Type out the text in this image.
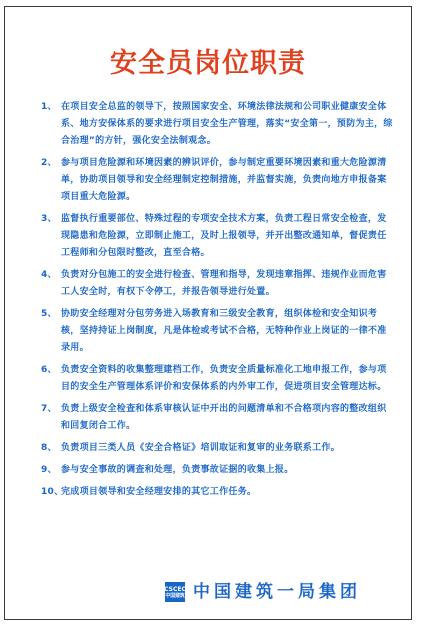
安全员岗位职责
1、 在项目安全总监的领导下，按照国家安全、环境法律法规和公司职业健康安全体系、地方安保体系的要求进行项目安全生产管理，落实“安全第一，预防为主，综合治理”的方针，强化安全法制观念。
2、 参与项目危险源和环境因素的辨识评价，参与制定重要环境因素和重大危险源清单，协助项目领导和安全经理制定控制措施，并监督实施，负责向地方申报备案项目重大危险源。
3、 监督执行重要部位、特殊过程的专项安全技术方案，负责工程日常安全检查，发现隐患和危险源，立即制止施工，及时上报领导，并开出整改通知单，督促责任工程师和分包限时整改，直至合格。
4、 负责对分包施工的安全进行检查、管理和指导，发现违章指挥、违规作业而危害工人安全时，有权下令停工，并报告领导进行处置。
5、 协助安全经理对分包劳务进入场教育和三级安全教育，组织体检和安全知识考核，坚持持证上岗制度，凡是体检或考试不合格，无特种作业上岗证的一律不准录用。
6、 负责安全资料的收集整理建档工作，负责安全质量标准化工地申报工作，参与项目的安全生产管理体系评价和安保体系的内外审工作，促进项目安全管理达标。
7、 负责上级安全检查和体系审核认证中开出的问题清单和不合格项内容的整改组织和回复闭合工作。
8、 负责项目三类人员《安全合格证》培训取证和复审的业务联系工作。
9、 参与安全事故的调查和处理，负责事故证据的收集上报。
10、
完成项目领导和安全经理安排的其它工作任务。
CSCEC
中国建筑 中国建筑一局集团
